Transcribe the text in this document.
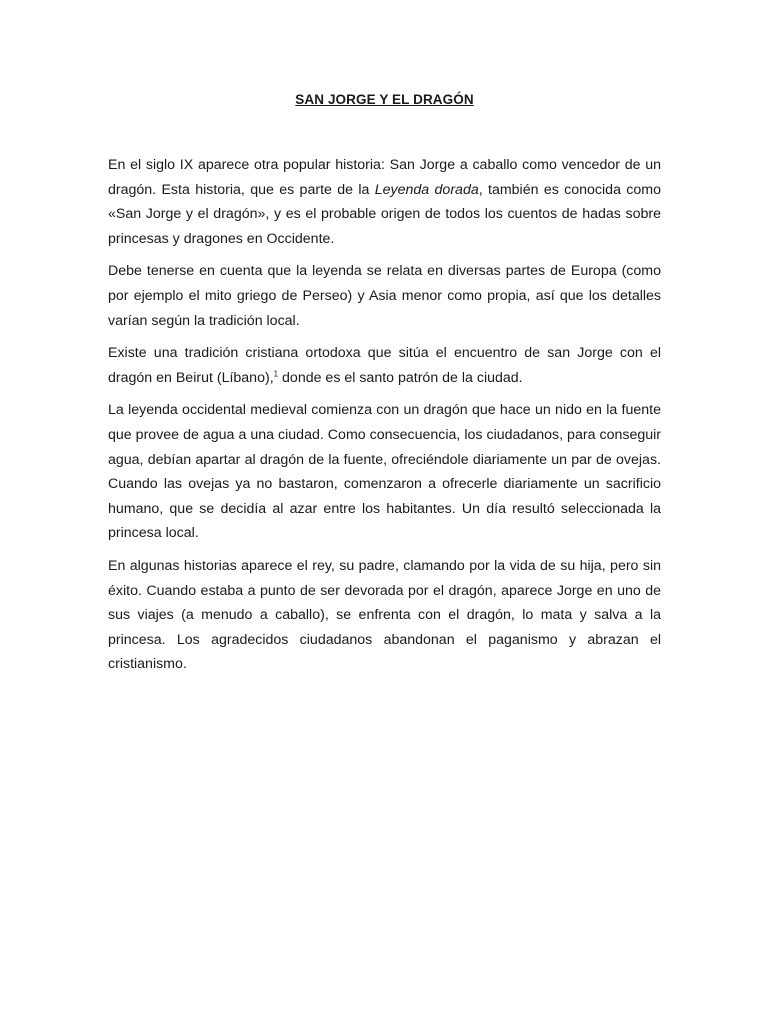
SAN JORGE Y EL DRAGÓN

En el siglo IX aparece otra popular historia: San Jorge a caballo como vencedor de un dragón. Esta historia, que es parte de la Leyenda dorada, también es conocida como «San Jorge y el dragón», y es el probable origen de todos los cuentos de hadas sobre princesas y dragones en Occidente.

Debe tenerse en cuenta que la leyenda se relata en diversas partes de Europa (como por ejemplo el mito griego de Perseo) y Asia menor como propia, así que los detalles varían según la tradición local.

Existe una tradición cristiana ortodoxa que sitúa el encuentro de san Jorge con el dragón en Beirut (Líbano),$^1$ donde es el santo patrón de la ciudad.

La leyenda occidental medieval comienza con un dragón que hace un nido en la fuente que provee de agua a una ciudad. Como consecuencia, los ciudadanos, para conseguir agua, debían apartar al dragón de la fuente, ofreciéndole diariamente un par de ovejas. Cuando las ovejas ya no bastaron, comenzaron a ofrecerle diariamente un sacrificio humano, que se decidía al azar entre los habitantes. Un día resultó seleccionada la princesa local.

En algunas historias aparece el rey, su padre, clamando por la vida de su hija, pero sin éxito. Cuando estaba a punto de ser devorada por el dragón, aparece Jorge en uno de sus viajes (a menudo a caballo), se enfrenta con el dragón, lo mata y salva a la princesa. Los agradecidos ciudadanos abandonan el paganismo y abrazan el cristianismo.
